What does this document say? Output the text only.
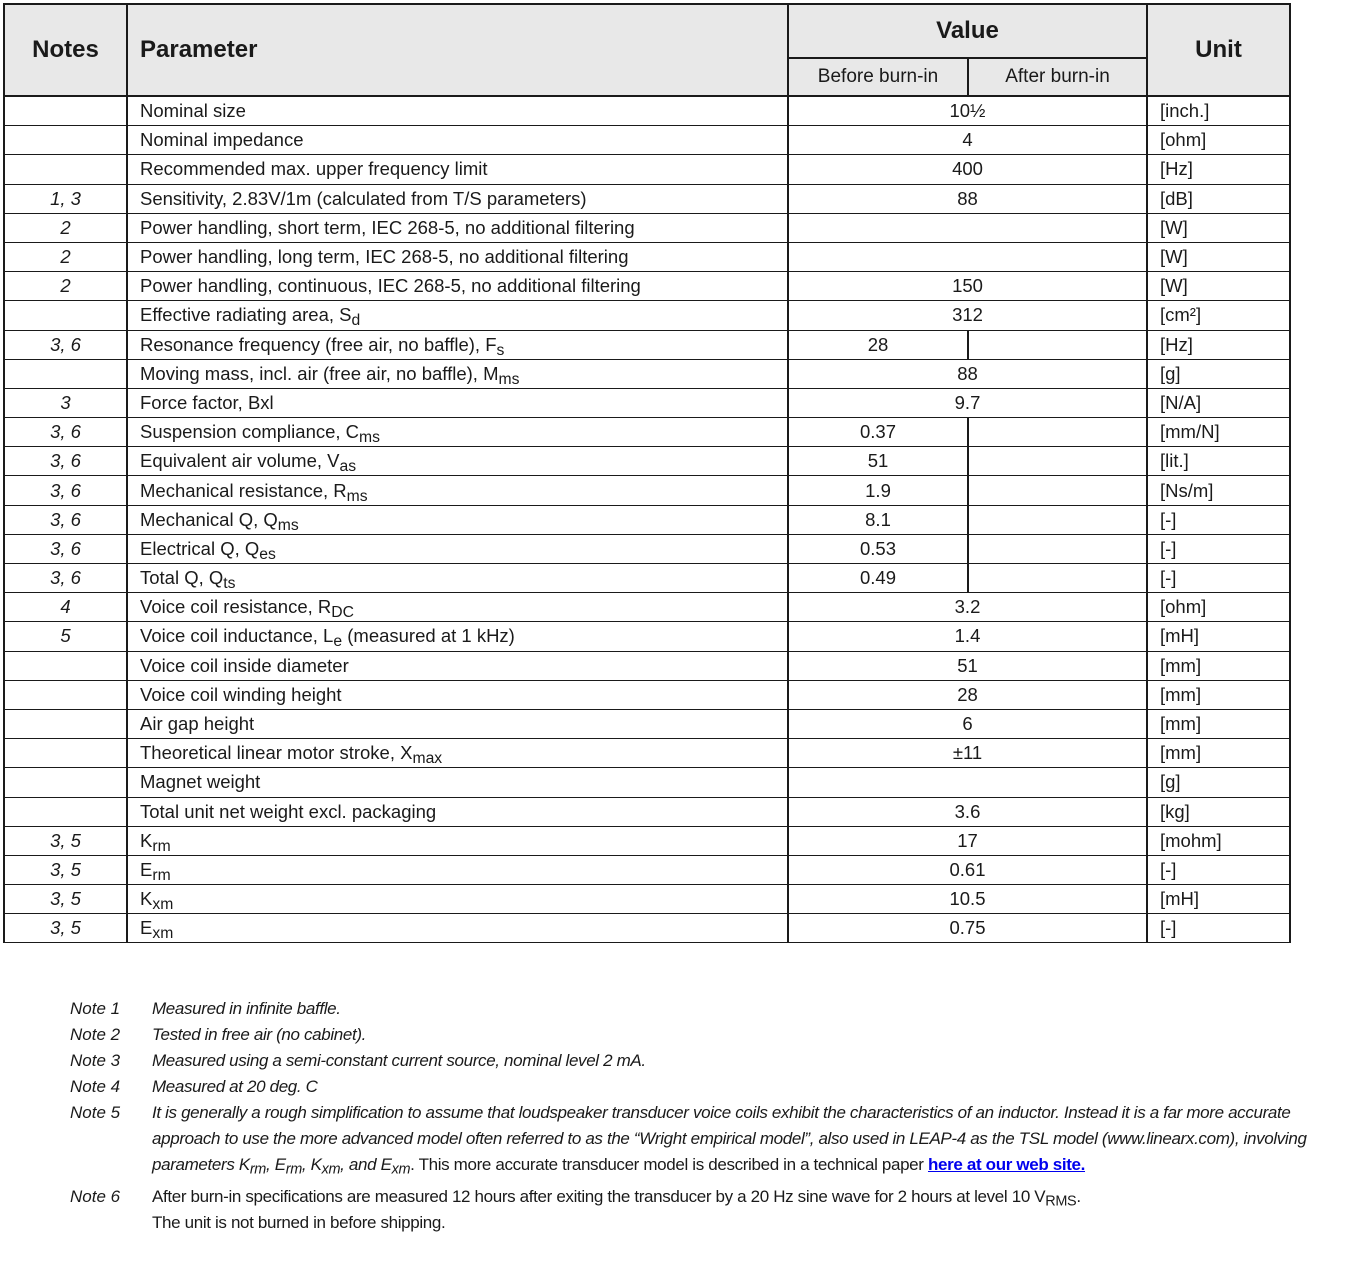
Notes	Parameter	Value		Unit
		Before burn-in	After burn-in	
	Nominal size	10½		[inch.]
	Nominal impedance	4		[ohm]
	Recommended max. upper frequency limit	400		[Hz]
1, 3	Sensitivity, 2.83V/1m (calculated from T/S parameters)	88		[dB]
2	Power handling, short term, IEC 268-5, no additional filtering			[W]
2	Power handling, long term, IEC 268-5, no additional filtering			[W]
2	Power handling, continuous, IEC 268-5, no additional filtering	150		[W]
	Effective radiating area, $S_d$	312		[cm²]
3, 6	Resonance frequency (free air, no baffle), $F_s$	28		[Hz]
	Moving mass, incl. air (free air, no baffle), $M_{ms}$	88		[g]
3	Force factor, Bxl	9.7		[N/A]
3, 6	Suspension compliance, $C_{ms}$	0.37		[mm/N]
3, 6	Equivalent air volume, $V_{as}$	51		[lit.]
3, 6	Mechanical resistance, $R_{ms}$	1.9		[Ns/m]
3, 6	Mechanical Q, $Q_{ms}$	8.1		[-]
3, 6	Electrical Q, $Q_{es}$	0.53		[-]
3, 6	Total Q, $Q_{ts}$	0.49		[-]
4	Voice coil resistance, $R_{DC}$	3.2		[ohm]
5	Voice coil inductance, $L_e$ (measured at 1 kHz)	1.4		[mH]
	Voice coil inside diameter	51		[mm]
	Voice coil winding height	28		[mm]
	Air gap height	6		[mm]
	Theoretical linear motor stroke, $X_{max}$	±11		[mm]
	Magnet weight			[g]
	Total unit net weight excl. packaging	3.6		[kg]
3, 5	$K_{rm}$	17		[mohm]
3, 5	$E_{rm}$	0.61		[-]
3, 5	$K_{xm}$	10.5		[mH]
3, 5	$E_{xm}$	0.75		[-]
Note 1	Measured in infinite baffle.
Note 2	Tested in free air (no cabinet).
Note 3	Measured using a semi-constant current source, nominal level 2 mA.
Note 4	Measured at 20 deg. C
Note 5	It is generally a rough simplification to assume that loudspeaker transducer voice coils exhibit the characteristics of an inductor. Instead it is a far more accurate approach to use the more advanced model often referred to as the “Wright empirical model”, also used in LEAP-4 as the TSL model (www.linearx.com), involving parameters $K_{rm}$, $E_{rm}$, $K_{xm}$, and $E_{xm}$. This more accurate transducer model is described in a technical paper here at our web site.
Note 6	After burn-in specifications are measured 12 hours after exiting the transducer by a 20 Hz sine wave for 2 hours at level 10 $V_{RMS}$.
The unit is not burned in before shipping.
